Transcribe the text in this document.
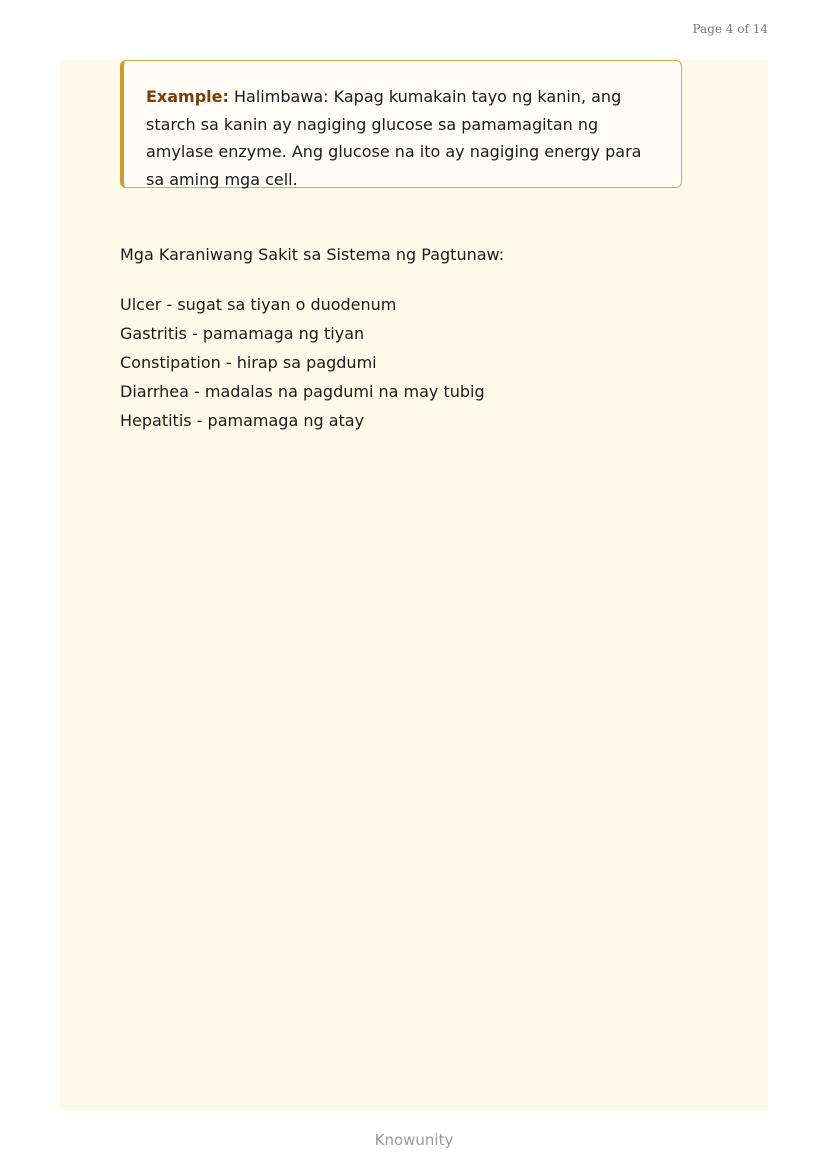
Page 4 of 14
Example: Halimbawa: Kapag kumakain tayo ng kanin, ang starch sa kanin ay nagiging glucose sa pamamagitan ng amylase enzyme. Ang glucose na ito ay nagiging energy para sa aming mga cell.

Mga Karaniwang Sakit sa Sistema ng Pagtunaw:

Ulcer - sugat sa tiyan o duodenum
Gastritis - pamamaga ng tiyan
Constipation - hirap sa pagdumi
Diarrhea - madalas na pagdumi na may tubig
Hepatitis - pamamaga ng atay
Knowunity
